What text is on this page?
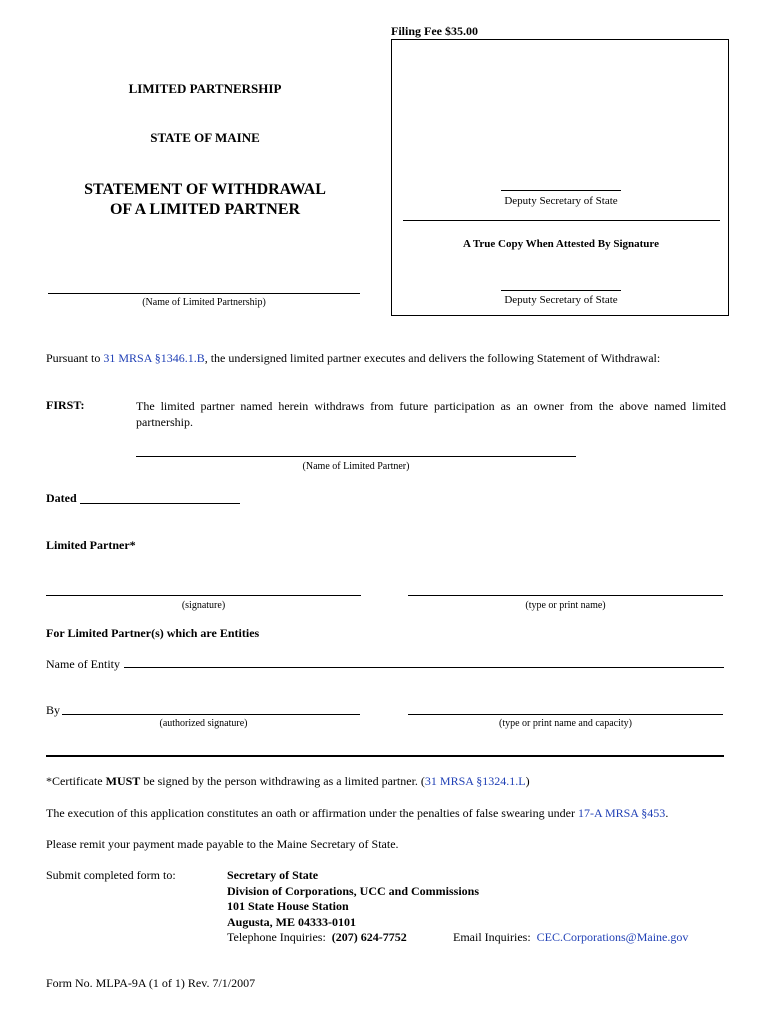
Filing Fee $35.00
LIMITED PARTNERSHIP
STATE OF MAINE
STATEMENT OF WITHDRAWAL
OF A LIMITED PARTNER
(Name of Limited Partnership)
Deputy Secretary of State
A True Copy When Attested By Signature
Deputy Secretary of State
Pursuant to 31 MRSA §1346.1.B, the undersigned limited partner executes and delivers the following Statement of Withdrawal:
FIRST:	The limited partner named herein withdraws from future participation as an owner from the above named limited partnership.
(Name of Limited Partner)
Dated
Limited Partner*
(signature)	(type or print name)
For Limited Partner(s) which are Entities
Name of Entity
By
(authorized signature)	(type or print name and capacity)
*Certificate MUST be signed by the person withdrawing as a limited partner. (31 MRSA §1324.1.L)
The execution of this application constitutes an oath or affirmation under the penalties of false swearing under 17-A MRSA §453.
Please remit your payment made payable to the Maine Secretary of State.
Submit completed form to:	Secretary of State
Division of Corporations, UCC and Commissions
101 State House Station
Augusta, ME 04333-0101
Telephone Inquiries: (207) 624-7752	Email Inquiries: CEC.Corporations@Maine.gov
Form No. MLPA-9A (1 of 1) Rev. 7/1/2007
